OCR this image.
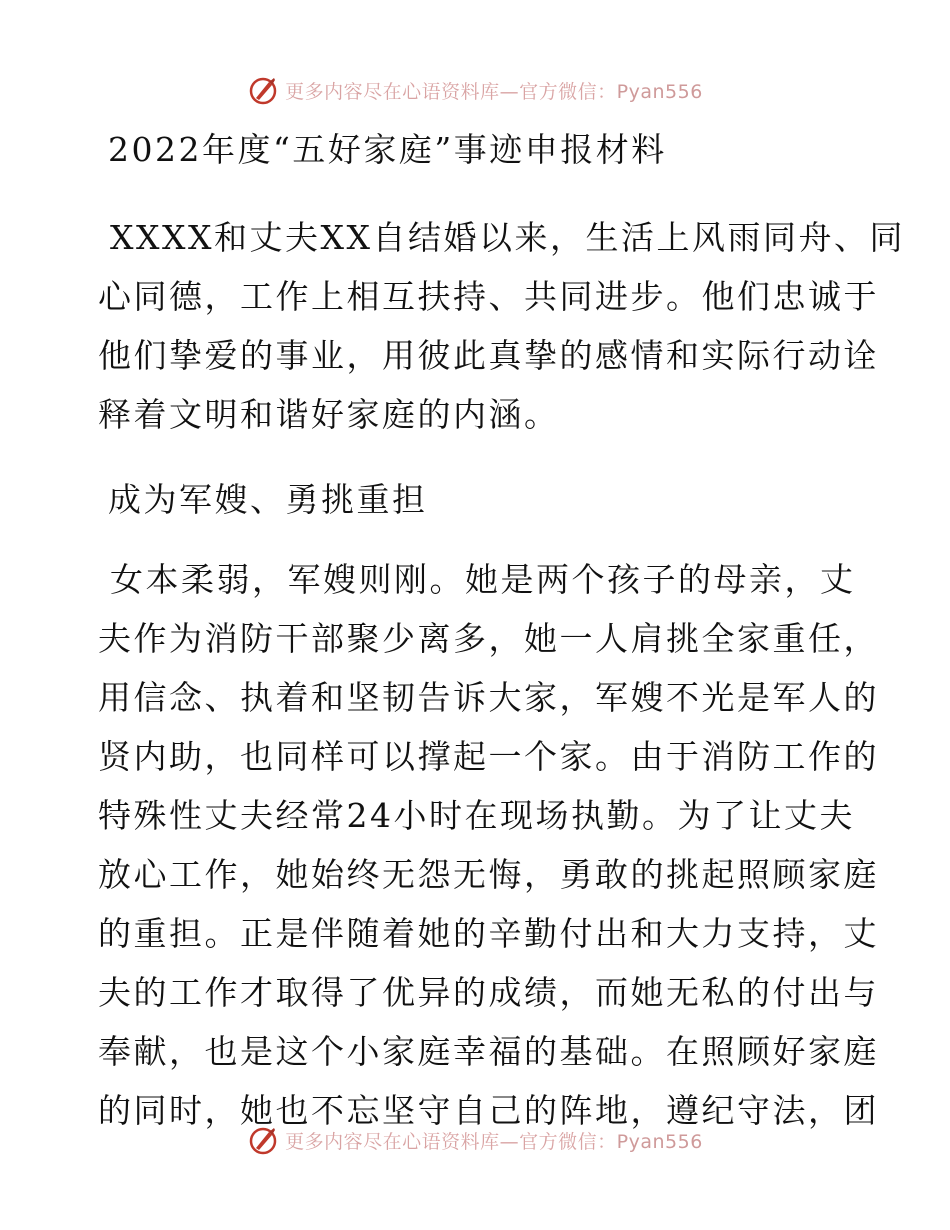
更多内容尽在心语资料库—官方微信：Pyan556
2022年度“五好家庭”事迹申报材料
XXXX和丈夫XX自结婚以来，生活上风雨同舟、同
心同德，工作上相互扶持、共同进步。他们忠诚于
他们挚爱的事业，用彼此真挚的感情和实际行动诠
释着文明和谐好家庭的内涵。
成为军嫂、勇挑重担
女本柔弱，军嫂则刚。她是两个孩子的母亲，丈
夫作为消防干部聚少离多，她一人肩挑全家重任，
用信念、执着和坚韧告诉大家，军嫂不光是军人的
贤内助，也同样可以撑起一个家。由于消防工作的
特殊性丈夫经常24小时在现场执勤。为了让丈夫
放心工作，她始终无怨无悔，勇敢的挑起照顾家庭
的重担。正是伴随着她的辛勤付出和大力支持，丈
夫的工作才取得了优异的成绩，而她无私的付出与
奉献，也是这个小家庭幸福的基础。在照顾好家庭
的同时，她也不忘坚守自己的阵地，遵纪守法，团
更多内容尽在心语资料库—官方微信：Pyan556
